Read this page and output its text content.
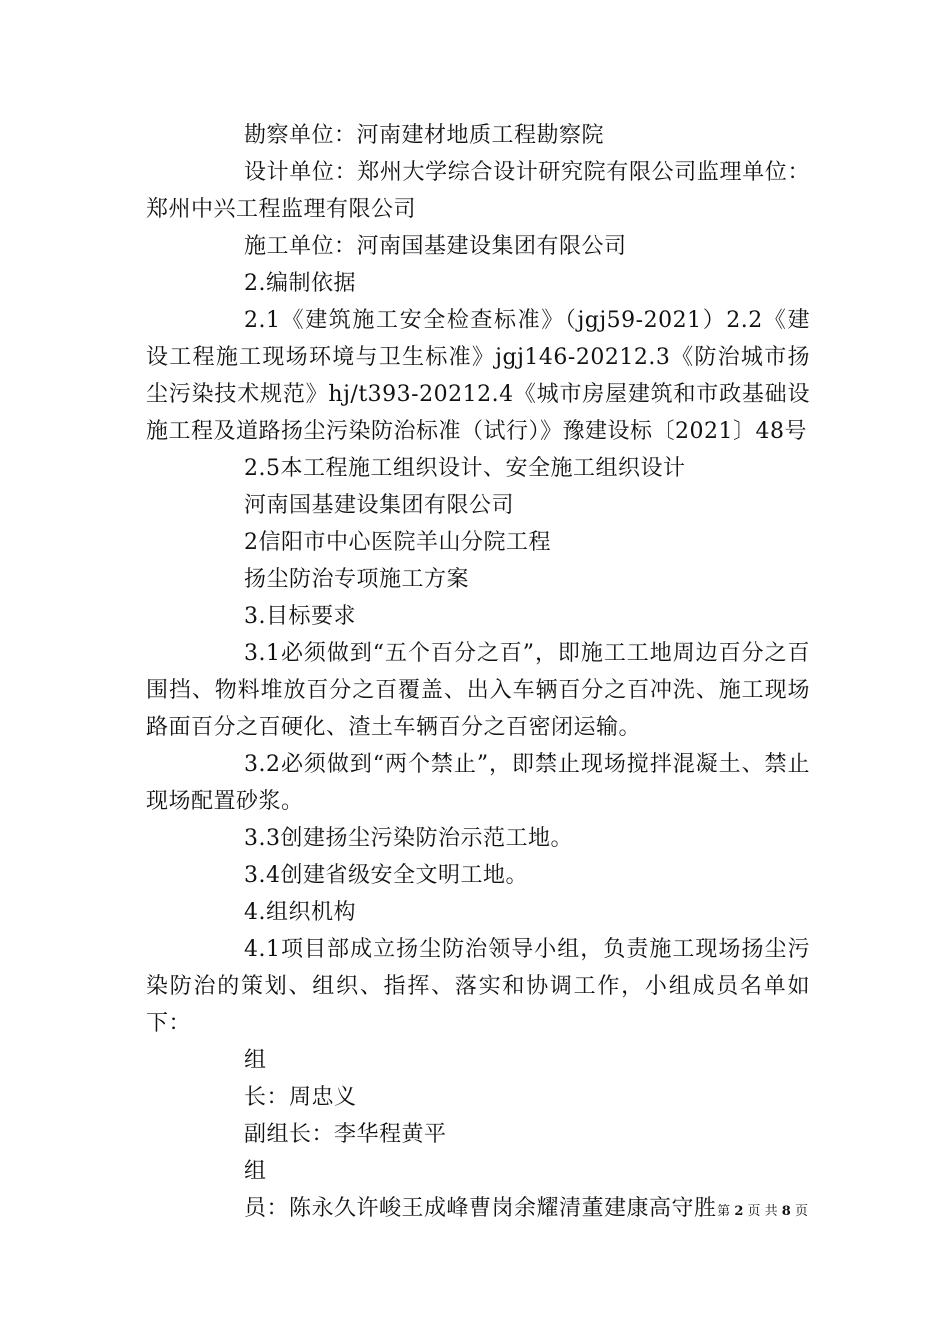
勘察单位：河南建材地质工程勘察院

设计单位：郑州大学综合设计研究院有限公司监理单位：郑州中兴工程监理有限公司

施工单位：河南国基建设集团有限公司
2.编制依据

2.1《建筑施工安全检查标准》（jgj59-2021）2.2《建设工程施工现场环境与卫生标准》jgj146-20212.3《防治城市扬尘污染技术规范》hj/t393-20212.4《城市房屋建筑和市政基础设施工程及道路扬尘污染防治标准（试行）》豫建设标〔2021〕48号

2.5本工程施工组织设计、安全施工组织设计
河南国基建设集团有限公司
2信阳市中心医院羊山分院工程
扬尘防治专项施工方案
3.目标要求

3.1必须做到“五个百分之百”，即施工工地周边百分之百围挡、物料堆放百分之百覆盖、出入车辆百分之百冲洗、施工现场路面百分之百硬化、渣土车辆百分之百密闭运输。

3.2必须做到“两个禁止”，即禁止现场搅拌混凝土、禁止现场配置砂浆。

3.3创建扬尘污染防治示范工地。
3.4创建省级安全文明工地。
4.组织机构

4.1项目部成立扬尘防治领导小组，负责施工现场扬尘污染防治的策划、组织、指挥、落实和协调工作，小组成员名单如下：

组
长：周忠义
副组长：李华程黄平
组
员：陈永久许峻王成峰曹岗余耀清董建康高守胜 第 2 页 共 8 页
